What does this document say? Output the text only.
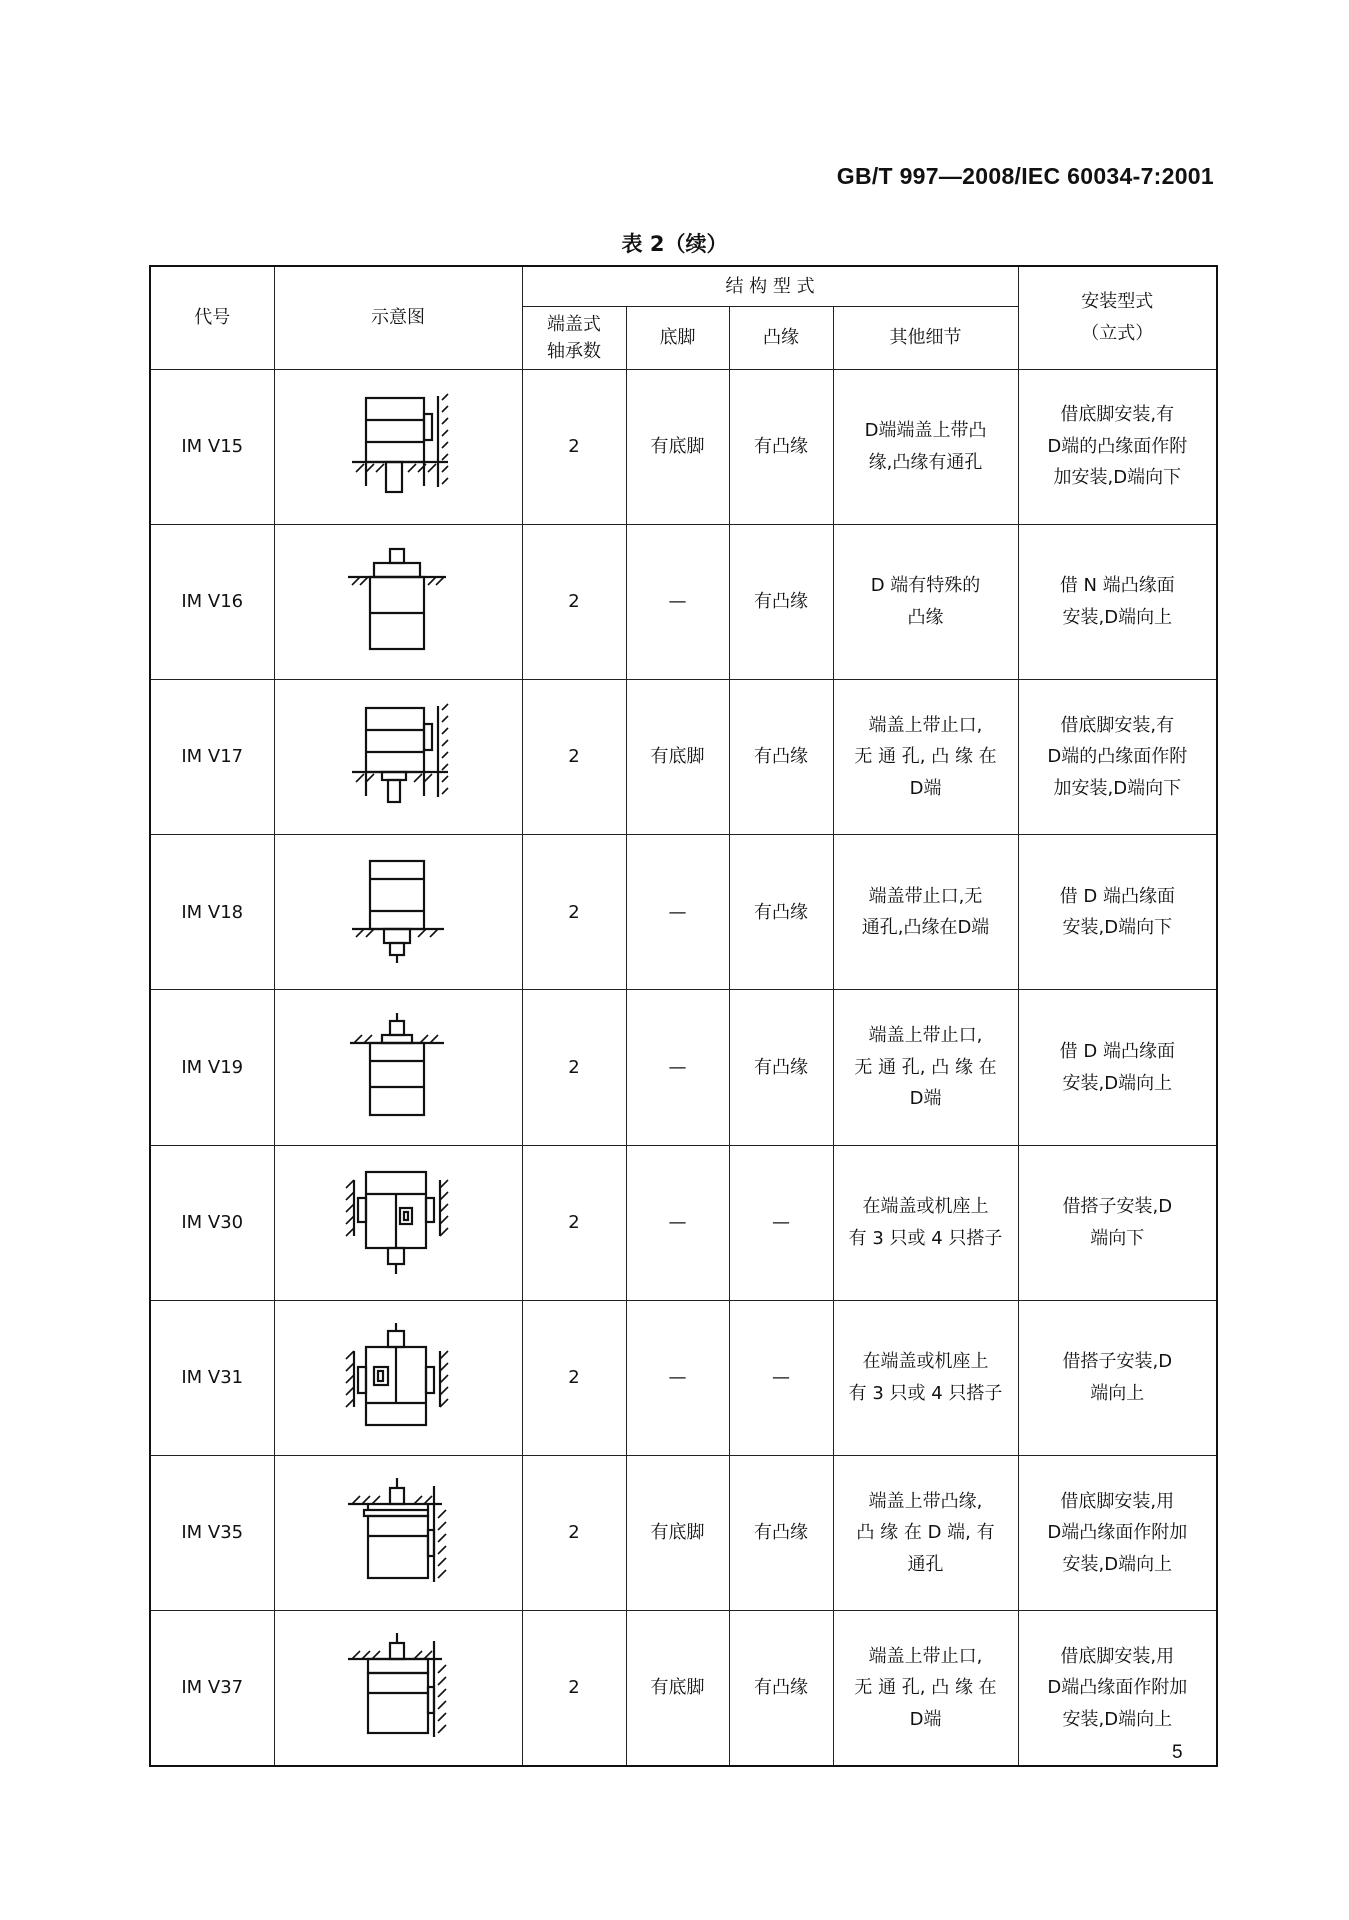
GB/T 997—2008/IEC 60034-7:2001
表 2（续）
代号	示意图	结 构 型 式				安装型式
（立式）

		端盖式轴承数	底脚	凸缘	其他细节	
IM V15		2	有底脚	有凸缘	D端端盖上带凸
缘,凸缘有通孔	借底脚安装,有
D端的凸缘面作附
加安装,D端向下

IM V16		2	—	有凸缘	D 端有特殊的
凸缘	借 N 端凸缘面
安装,D端向上

IM V17		2	有底脚	有凸缘	端盖上带止口,
无 通 孔, 凸 缘 在
D端	借底脚安装,有
D端的凸缘面作附
加安装,D端向下

IM V18		2	—	有凸缘	端盖带止口,无
通孔,凸缘在D端	借 D 端凸缘面
安装,D端向下

IM V19		2	—	有凸缘	端盖上带止口,
无 通 孔, 凸 缘 在
D端	借 D 端凸缘面
安装,D端向上

IM V30		2	—	—	在端盖或机座上
有 3 只或 4 只搭子	借搭子安装,D
端向下

IM V31		2	—	—	在端盖或机座上
有 3 只或 4 只搭子	借搭子安装,D
端向上

IM V35		2	有底脚	有凸缘	端盖上带凸缘,
凸 缘 在 D 端, 有
通孔	借底脚安装,用
D端凸缘面作附加
安装,D端向上

IM V37		2	有底脚	有凸缘	端盖上带止口,
无 通 孔, 凸 缘 在
D端	借底脚安装,用
D端凸缘面作附加
安装,D端向上
5
